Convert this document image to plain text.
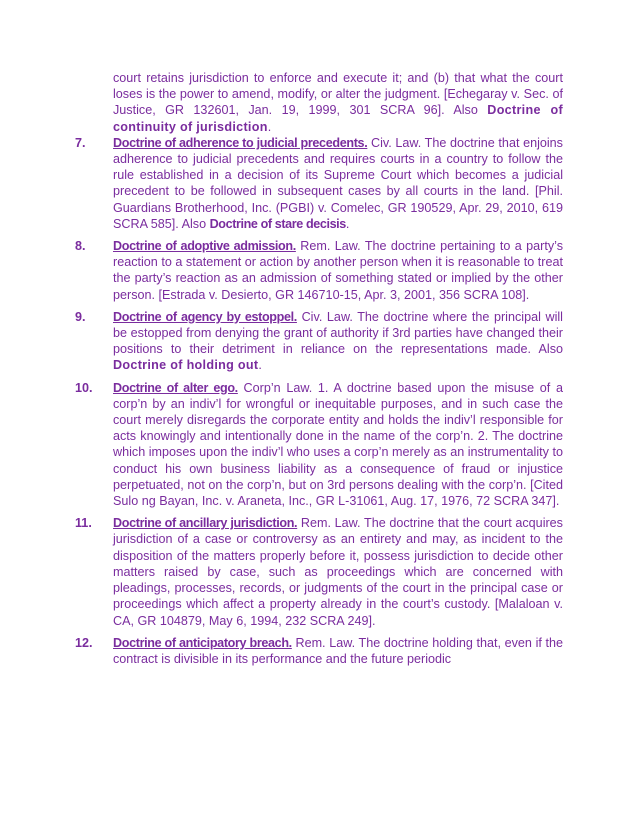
court retains jurisdiction to enforce and execute it; and (b) that what the court loses is the power to amend, modify, or alter the judgment. [Echegaray v. Sec. of Justice, GR 132601, Jan. 19, 1999, 301 SCRA 96]. Also Doctrine of continuity of jurisdiction.

7. Doctrine of adherence to judicial precedents. Civ. Law. The doctrine that enjoins adherence to judicial precedents and requires courts in a country to follow the rule established in a decision of its Supreme Court which becomes a judicial precedent to be followed in subsequent cases by all courts in the land. [Phil. Guardians Brotherhood, Inc. (PGBI) v. Comelec, GR 190529, Apr. 29, 2010, 619 SCRA 585]. Also Doctrine of stare decisis.
8. Doctrine of adoptive admission. Rem. Law. The doctrine pertaining to a party’s reaction to a statement or action by another person when it is reasonable to treat the party’s reaction as an admission of something stated or implied by the other person. [Estrada v. Desierto, GR 146710-15, Apr. 3, 2001, 356 SCRA 108].
9. Doctrine of agency by estoppel. Civ. Law. The doctrine where the principal will be estopped from denying the grant of authority if 3rd parties have changed their positions to their detriment in reliance on the representations made. Also Doctrine of holding out.
10. Doctrine of alter ego. Corp’n Law. 1. A doctrine based upon the misuse of a corp’n by an indiv’l for wrongful or inequitable purposes, and in such case the court merely disregards the corporate entity and holds the indiv’l responsible for acts knowingly and intentionally done in the name of the corp’n. 2. The doctrine which imposes upon the indiv’l who uses a corp’n merely as an instrumentality to conduct his own business liability as a consequence of fraud or injustice perpetuated, not on the corp’n, but on 3rd persons dealing with the corp’n. [Cited Sulo ng Bayan, Inc. v. Araneta, Inc., GR L-31061, Aug. 17, 1976, 72 SCRA 347].
11. Doctrine of ancillary jurisdiction. Rem. Law. The doctrine that the court acquires jurisdiction of a case or controversy as an entirety and may, as incident to the disposition of the matters properly before it, possess jurisdiction to decide other matters raised by case, such as proceedings which are concerned with pleadings, processes, records, or judgments of the court in the principal case or proceedings which affect a property already in the court’s custody. [Malaloan v. CA, GR 104879, May 6, 1994, 232 SCRA 249].
12. Doctrine of anticipatory breach. Rem. Law. The doctrine holding that, even if the contract is divisible in its performance and the future periodic
